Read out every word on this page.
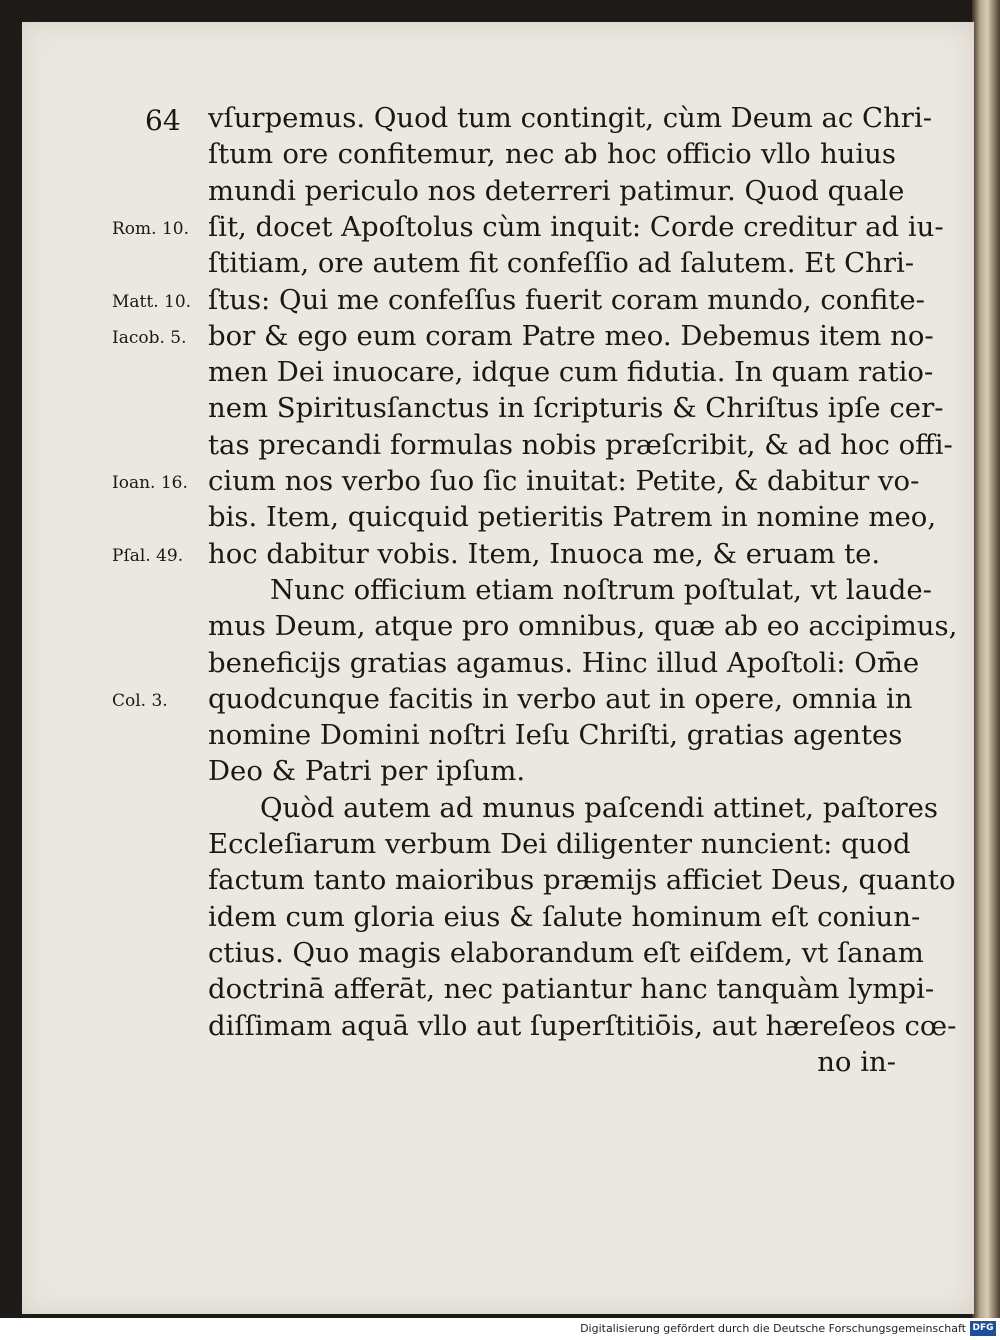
64 vſurpemus. Quod tum contingit, cùm Deum ac Chri-
ſtum ore confitemur, nec ab hoc officio vllo huius
mundi periculo nos deterreri patimur. Quod quale
ſit, docet Apoſtolus cùm inquit: Corde creditur ad iu-
ſtitiam, ore autem fit confeſſio ad ſalutem. Et Chri-
ſtus: Qui me confeſſus fuerit coram mundo, confite-
bor & ego eum coram Patre meo. Debemus item no-
men Dei inuocare, idque cum fidutia. In quam ratio-
nem Spiritusſanctus in ſcripturis & Chriſtus ipſe cer-
tas precandi formulas nobis præſcribit, & ad hoc offi-
cium nos verbo ſuo ſic inuitat: Petite, & dabitur vo-
bis. Item, quicquid petieritis Patrem in nomine meo,
hoc dabitur vobis. Item, Inuoca me, & eruam te.
Nunc officium etiam noſtrum poſtulat, vt laude-
mus Deum, atque pro omnibus, quæ ab eo accipimus,
beneficijs gratias agamus. Hinc illud Apoſtoli: Om̄e
quodcunque facitis in verbo aut in opere, omnia in
nomine Domini noſtri Ieſu Chriſti, gratias agentes
Deo & Patri per ipſum.
Quòd autem ad munus paſcendi attinet, paſtores
Eccleſiarum verbum Dei diligenter nuncient: quod
factum tanto maioribus præmijs afficiet Deus, quanto
idem cum gloria eius & ſalute hominum eſt coniun-
ctius. Quo magis elaborandum eſt eiſdem, vt ſanam
doctrinā afferāt, nec patiantur hanc tanquàm lympi-
diſſimam aquā vllo aut ſuperſtitiōis, aut hæreſeos cœ-
no in-
Rom. 10.
Matt. 10.
Iacob. 5.
Ioan. 16.
Pſal. 49.
Col. 3.
Digitalisierung gefördert durch die Deutsche Forschungsgemeinschaft DFG
